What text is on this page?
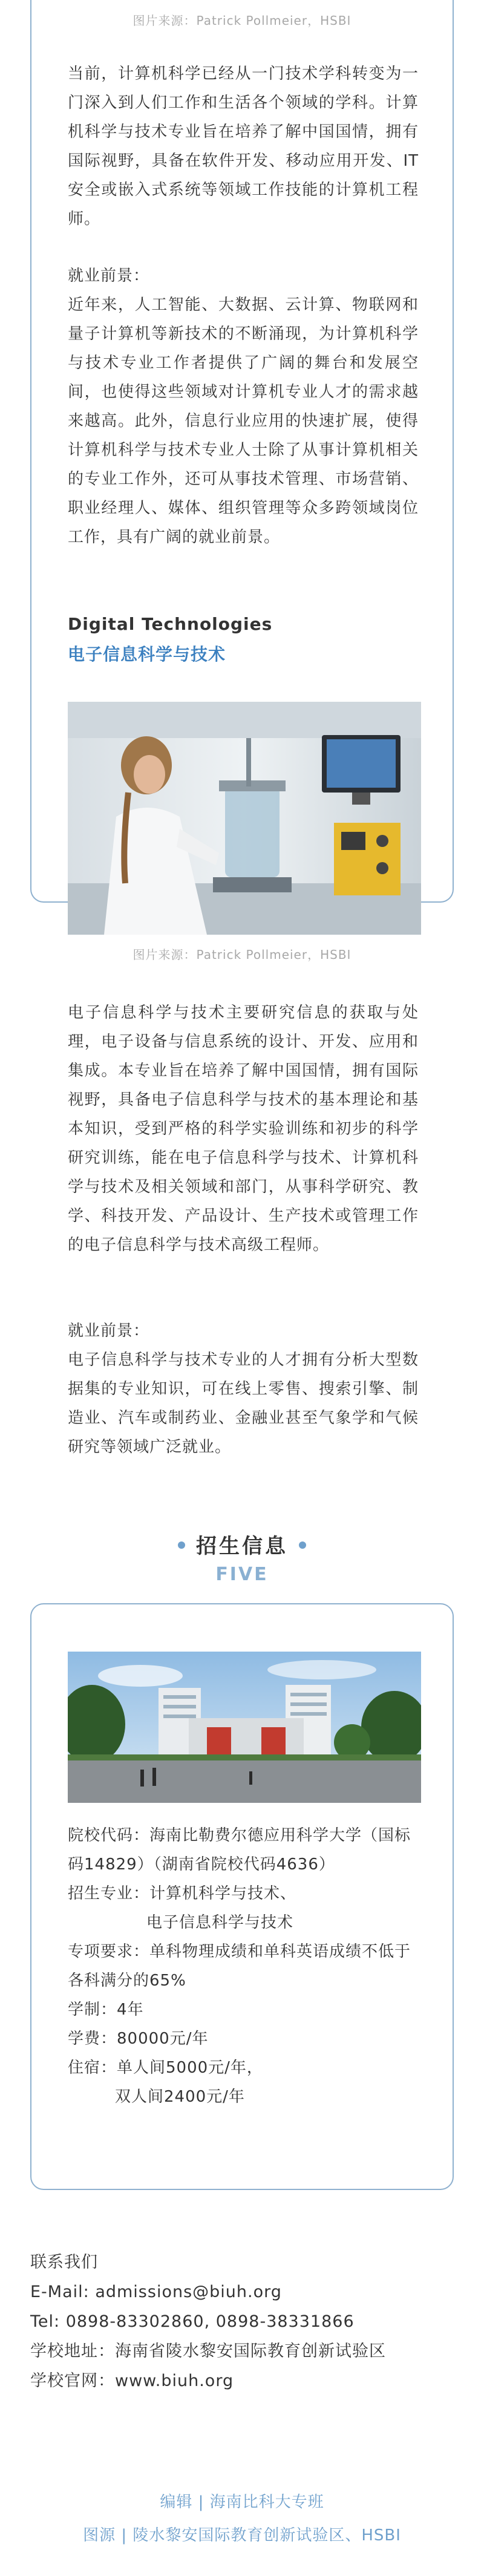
图片来源：Patrick Pollmeier，HSBI

当前，计算机科学已经从一门技术学科转变为一门深入到人们工作和生活各个领域的学科。计算机科学与技术专业旨在培养了解中国国情，拥有国际视野，具备在软件开发、移动应用开发、IT安全或嵌入式系统等领域工作技能的计算机工程师。

就业前景：

近年来，人工智能、大数据、云计算、物联网和量子计算机等新技术的不断涌现，为计算机科学与技术专业工作者提供了广阔的舞台和发展空间，也使得这些领域对计算机专业人才的需求越来越高。此外，信息行业应用的快速扩展，使得计算机科学与技术专业人士除了从事计算机相关的专业工作外，还可从事技术管理、市场营销、职业经理人、媒体、组织管理等众多跨领域岗位工作，具有广阔的就业前景。

Digital Technologies
电子信息科学与技术
图片来源：Patrick Pollmeier，HSBI

电子信息科学与技术主要研究信息的获取与处理，电子设备与信息系统的设计、开发、应用和集成。本专业旨在培养了解中国国情，拥有国际视野，具备电子信息科学与技术的基本理论和基本知识，受到严格的科学实验训练和初步的科学研究训练，能在电子信息科学与技术、计算机科学与技术及相关领域和部门，从事科学研究、教学、科技开发、产品设计、生产技术或管理工作的电子信息科学与技术高级工程师。

就业前景：

电子信息科学与技术专业的人才拥有分析大型数据集的专业知识，可在线上零售、搜索引擎、制造业、汽车或制药业、金融业甚至气象学和气候研究等领域广泛就业。

招生信息
FIVE
院校代码：海南比勒费尔德应用科学大学（国标码14829）（湖南省院校代码4636）
招生专业：计算机科学与技术、
电子信息科学与技术
专项要求：单科物理成绩和单科英语成绩不低于各科满分的65%
学制：4年
学费：80000元/年
住宿：单人间5000元/年，
双人间2400元/年
联系我们
E-Mail: admissions@biuh.org
Tel: 0898-83302860, 0898-38331866
学校地址：海南省陵水黎安国际教育创新试验区
学校官网：www.biuh.org
编辑 | 海南比科大专班
图源 | 陵水黎安国际教育创新试验区、HSBI
